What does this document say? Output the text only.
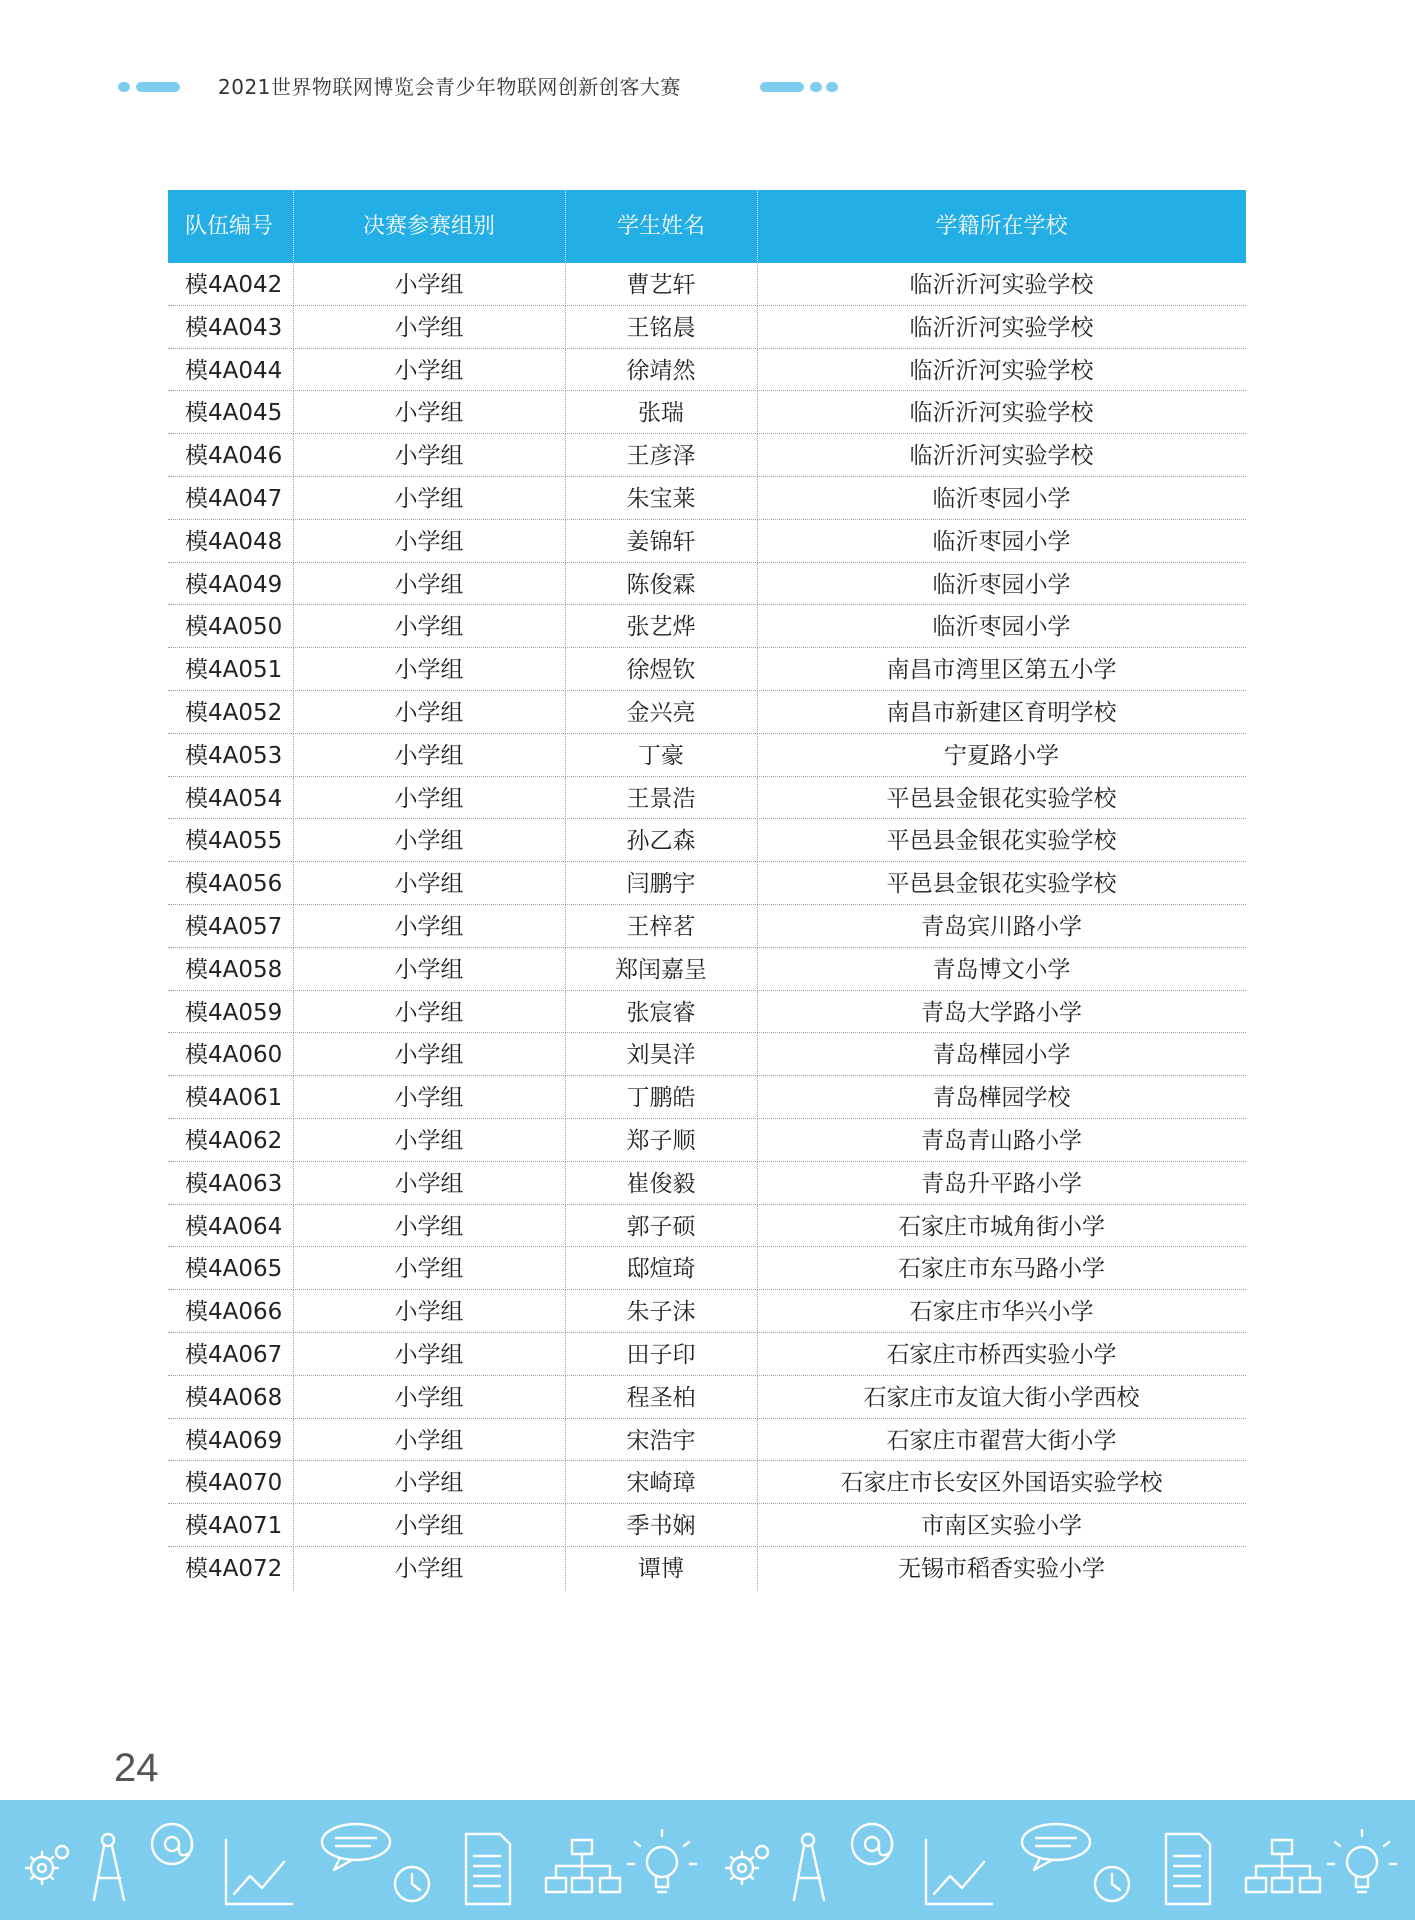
2021世界物联网博览会青少年物联网创新创客大赛
队伍编号	决赛参赛组别	学生姓名	学籍所在学校
模4A042	小学组	曹艺轩	临沂沂河实验学校
模4A043	小学组	王铭晨	临沂沂河实验学校
模4A044	小学组	徐靖然	临沂沂河实验学校
模4A045	小学组	张瑞	临沂沂河实验学校
模4A046	小学组	王彦泽	临沂沂河实验学校
模4A047	小学组	朱宝莱	临沂枣园小学
模4A048	小学组	姜锦轩	临沂枣园小学
模4A049	小学组	陈俊霖	临沂枣园小学
模4A050	小学组	张艺烨	临沂枣园小学
模4A051	小学组	徐煜钦	南昌市湾里区第五小学
模4A052	小学组	金兴亮	南昌市新建区育明学校
模4A053	小学组	丁豪	宁夏路小学
模4A054	小学组	王景浩	平邑县金银花实验学校
模4A055	小学组	孙乙森	平邑县金银花实验学校
模4A056	小学组	闫鹏宇	平邑县金银花实验学校
模4A057	小学组	王梓茗	青岛宾川路小学
模4A058	小学组	郑闰嘉呈	青岛博文小学
模4A059	小学组	张宸睿	青岛大学路小学
模4A060	小学组	刘昊洋	青岛樺园小学
模4A061	小学组	丁鹏皓	青岛樺园学校
模4A062	小学组	郑子顺	青岛青山路小学
模4A063	小学组	崔俊毅	青岛升平路小学
模4A064	小学组	郭子硕	石家庄市城角街小学
模4A065	小学组	邸煊琦	石家庄市东马路小学
模4A066	小学组	朱子沫	石家庄市华兴小学
模4A067	小学组	田子印	石家庄市桥西实验小学
模4A068	小学组	程圣柏	石家庄市友谊大街小学西校
模4A069	小学组	宋浩宇	石家庄市翟营大街小学
模4A070	小学组	宋崎璋	石家庄市长安区外国语实验学校
模4A071	小学组	季书娴	市南区实验小学
模4A072	小学组	谭博	无锡市稻香实验小学
24
